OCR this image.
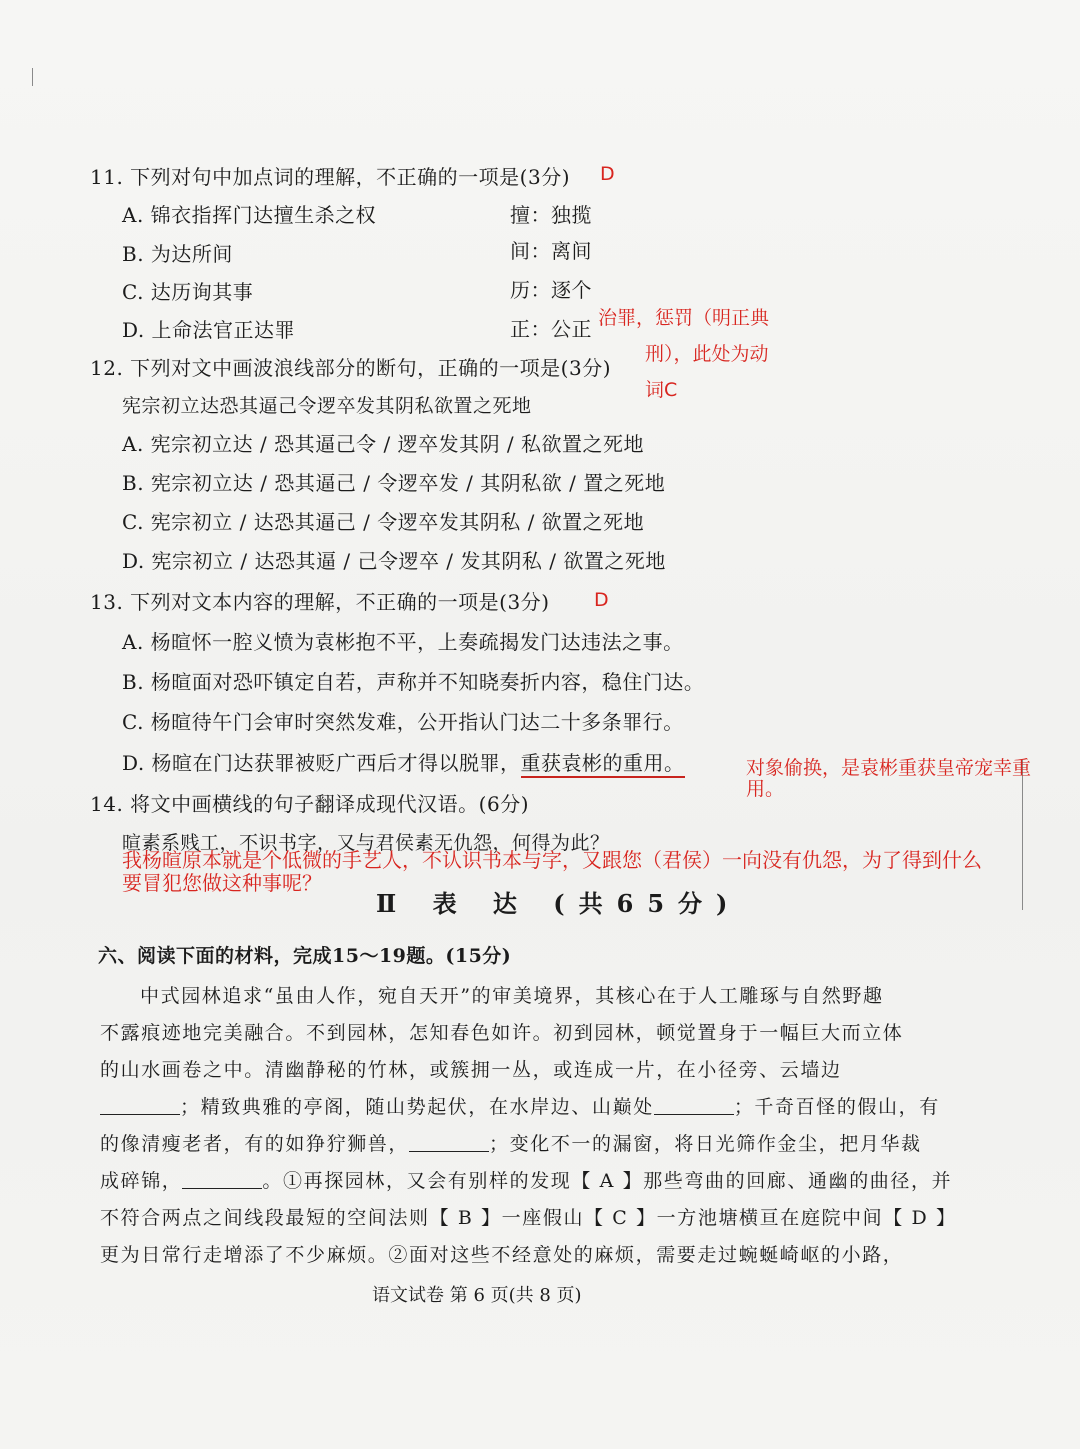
11. 下列对句中加点词的理解，不正确的一项是(3分) D
A. 锦衣指挥门达擅生杀之权	擅：独揽
B. 为达所间	间：离间
C. 达历询其事	历：逐个
D. 上命法官正达罪	正：公正 治罪，惩罚（明正典
刑），此处为动
词C
12. 下列对文中画波浪线部分的断句，正确的一项是(3分)
宪宗初立达恐其逼己令逻卒发其阴私欲置之死地
A. 宪宗初立达 / 恐其逼己令 / 逻卒发其阴 / 私欲置之死地
B. 宪宗初立达 / 恐其逼己 / 令逻卒发 / 其阴私欲 / 置之死地
C. 宪宗初立 / 达恐其逼己 / 令逻卒发其阴私 / 欲置之死地
D. 宪宗初立 / 达恐其逼 / 己令逻卒 / 发其阴私 / 欲置之死地
13. 下列对文本内容的理解，不正确的一项是(3分) D
A. 杨暄怀一腔义愤为袁彬抱不平，上奏疏揭发门达违法之事。
B. 杨暄面对恐吓镇定自若，声称并不知晓奏折内容，稳住门达。
C. 杨暄待午门会审时突然发难，公开指认门达二十多条罪行。
D. 杨暄在门达获罪被贬广西后才得以脱罪，重获袁彬的重用。	对象偷换，是袁彬重获皇帝宠幸重
用。
14. 将文中画横线的句子翻译成现代汉语。(6分)
暄素系贱工，不识书字，又与君侯素无仇怨，何得为此？
我杨暄原本就是个低微的手艺人，不认识书本与字，又跟您（君侯）一向没有仇怨，为了得到什么
要冒犯您做这种事呢？
Ⅱ 表 达 (共65分)
六、阅读下面的材料，完成15～19题。(15分)
中式园林追求“虽由人作，宛自天开”的审美境界，其核心在于人工雕琢与自然野趣
不露痕迹地完美融合。不到园林，怎知春色如许。初到园林，顿觉置身于一幅巨大而立体
的山水画卷之中。清幽静秘的竹林，或簇拥一丛，或连成一片，在小径旁、云墙边
；精致典雅的亭阁，随山势起伏，在水岸边、山巅处	；千奇百怪的假山，有
的像清瘦老者，有的如狰狞狮兽，	；变化不一的漏窗，将日光筛作金尘，把月华裁
成碎锦，	。①再探园林，又会有别样的发现【 A 】那些弯曲的回廊、通幽的曲径，并
不符合两点之间线段最短的空间法则【 B 】一座假山【 C 】一方池塘横亘在庭院中间【 D 】
更为日常行走增添了不少麻烦。②面对这些不经意处的麻烦，需要走过蜿蜒崎岖的小路，
语文试卷 第 6 页(共 8 页)
